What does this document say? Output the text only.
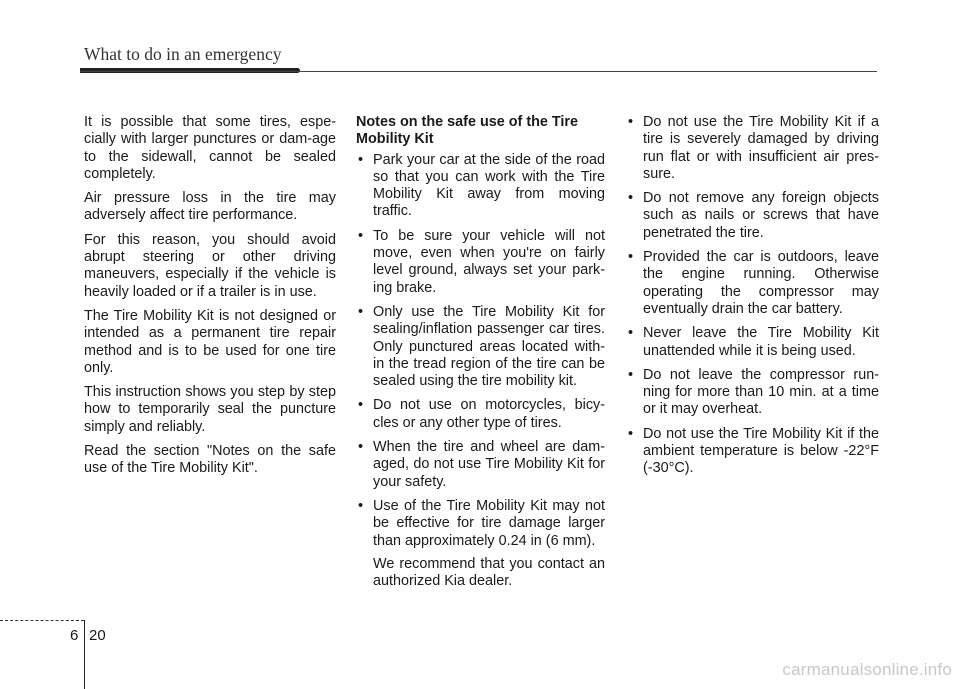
What to do in an emergency

It is possible that some tires, espe-cially with larger punctures or dam-age to the sidewall, cannot be sealed completely.

Air pressure loss in the tire may adversely affect tire performance.

For this reason, you should avoid abrupt steering or other driving maneuvers, especially if the vehicle is heavily loaded or if a trailer is in use.

The Tire Mobility Kit is not designed or intended as a permanent tire repair method and is to be used for one tire only.

This instruction shows you step by step how to temporarily seal the puncture simply and reliably.

Read the section "Notes on the safe use of the Tire Mobility Kit".

Notes on the safe use of the Tire Mobility Kit

• Park your car at the side of the road so that you can work with the Tire Mobility Kit away from moving traffic.
• To be sure your vehicle will not move, even when you're on fairly level ground, always set your park-ing brake.
• Only use the Tire Mobility Kit for sealing/inflation passenger car tires. Only punctured areas located with-in the tread region of the tire can be sealed using the tire mobility kit.
• Do not use on motorcycles, bicy-cles or any other type of tires.
• When the tire and wheel are dam-aged, do not use Tire Mobility Kit for your safety.
• Use of the Tire Mobility Kit may not be effective for tire damage larger than approximately 0.24 in (6 mm).

We recommend that you contact an authorized Kia dealer.

• Do not use the Tire Mobility Kit if a tire is severely damaged by driving run flat or with insufficient air pres-sure.
• Do not remove any foreign objects such as nails or screws that have penetrated the tire.
• Provided the car is outdoors, leave the engine running. Otherwise operating the compressor may eventually drain the car battery.
• Never leave the Tire Mobility Kit unattended while it is being used.
• Do not leave the compressor run-ning for more than 10 min. at a time or it may overheat.
• Do not use the Tire Mobility Kit if the ambient temperature is below -22°F (-30°C).
6 20
carmanualsonline.info
